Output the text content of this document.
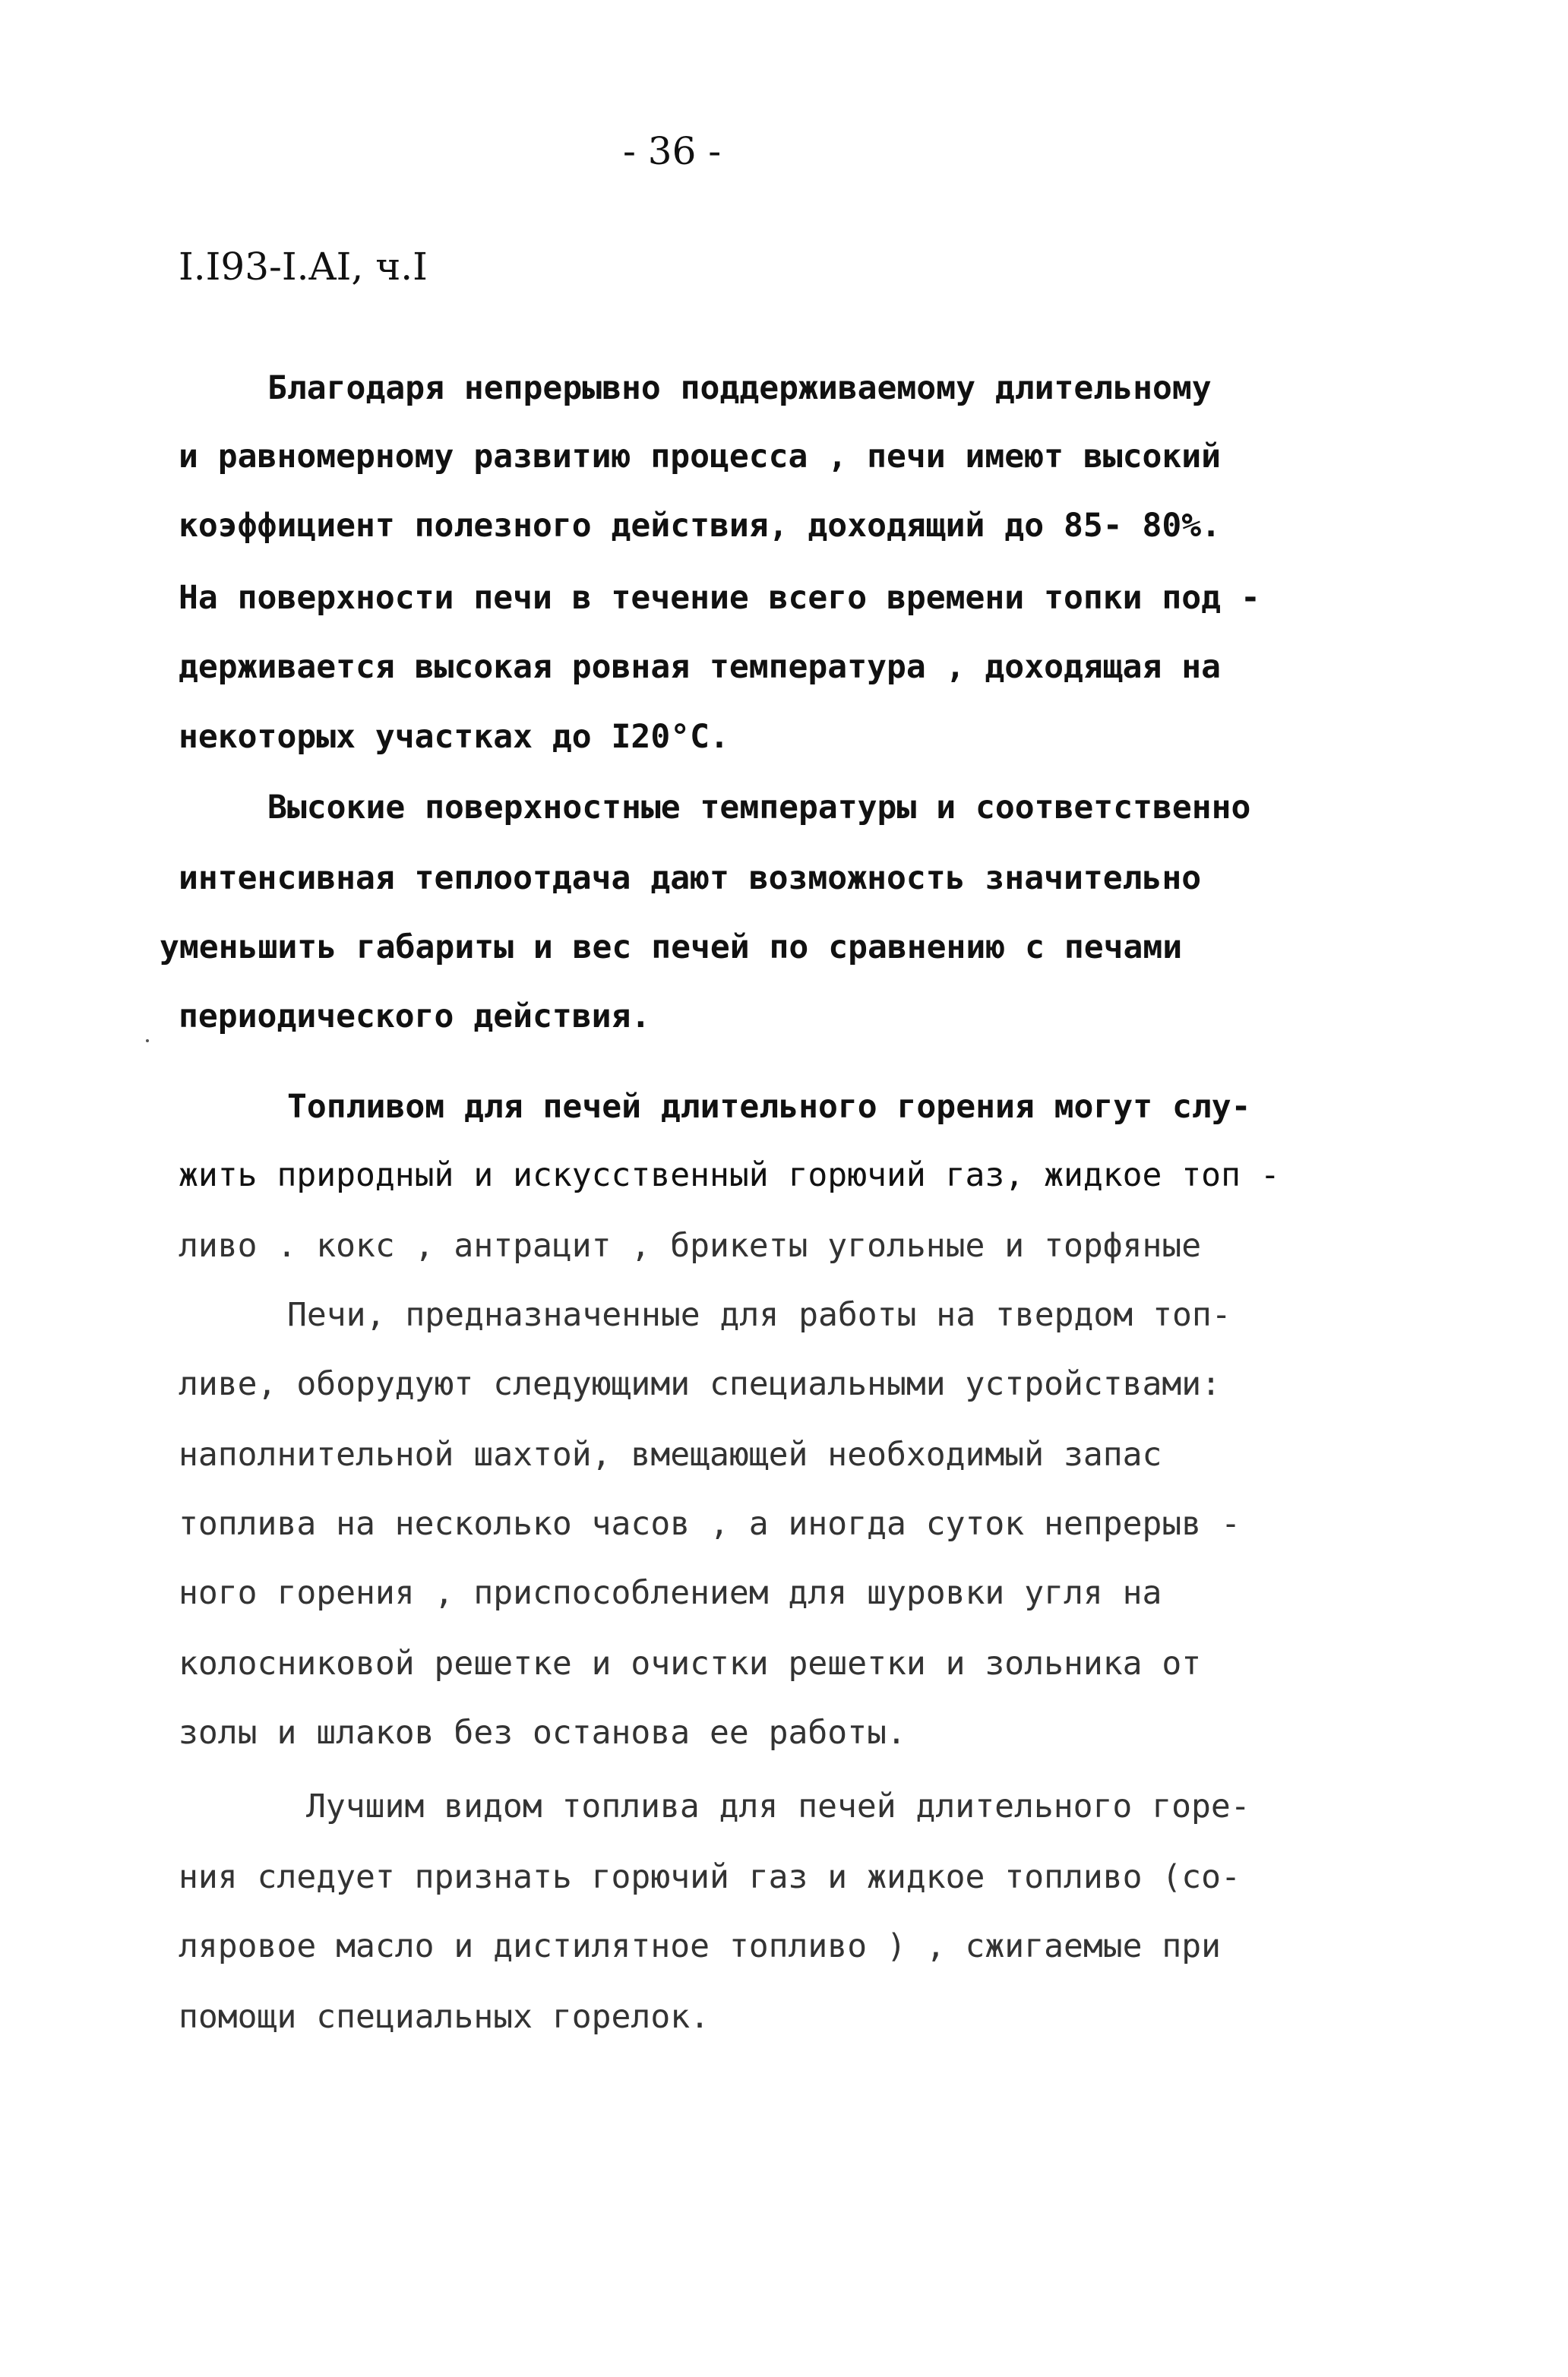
- 36 -
I.I93-I.AI, ч.I
Благодаря непрерывно поддерживаемому длительному
и равномерному развитию процесса , печи имеют высокий
коэффициент полезного действия, доходящий до 85- 80%.
На поверхности печи в течение всего времени топки под -
держивается высокая ровная температура , доходящая на
некоторых участках до I20°C.
Высокие поверхностные температуры и соответственно
интенсивная теплоотдача дают возможность значительно
уменьшить габариты и вес печей по сравнению с печами
периодического действия.
Топливом для печей длительного горения могут слу-
жить природный и искусственный горючий газ, жидкое топ -
ливо . кокс , антрацит , брикеты угольные и торфяные
Печи, предназначенные для работы на твердом топ-
ливе, оборудуют следующими специальными устройствами:
наполнительной шахтой, вмещающей необходимый запас
топлива на несколько часов , а иногда суток непрерыв -
ного горения , приспособлением для шуровки угля на
колосниковой решетке и очистки решетки и зольника от
золы и шлаков без останова ее работы.
Лучшим видом топлива для печей длительного горе-
ния следует признать горючий газ и жидкое топливо (со-
ляровое масло и дистилятное топливо ) , сжигаемые при
помощи специальных горелок.
